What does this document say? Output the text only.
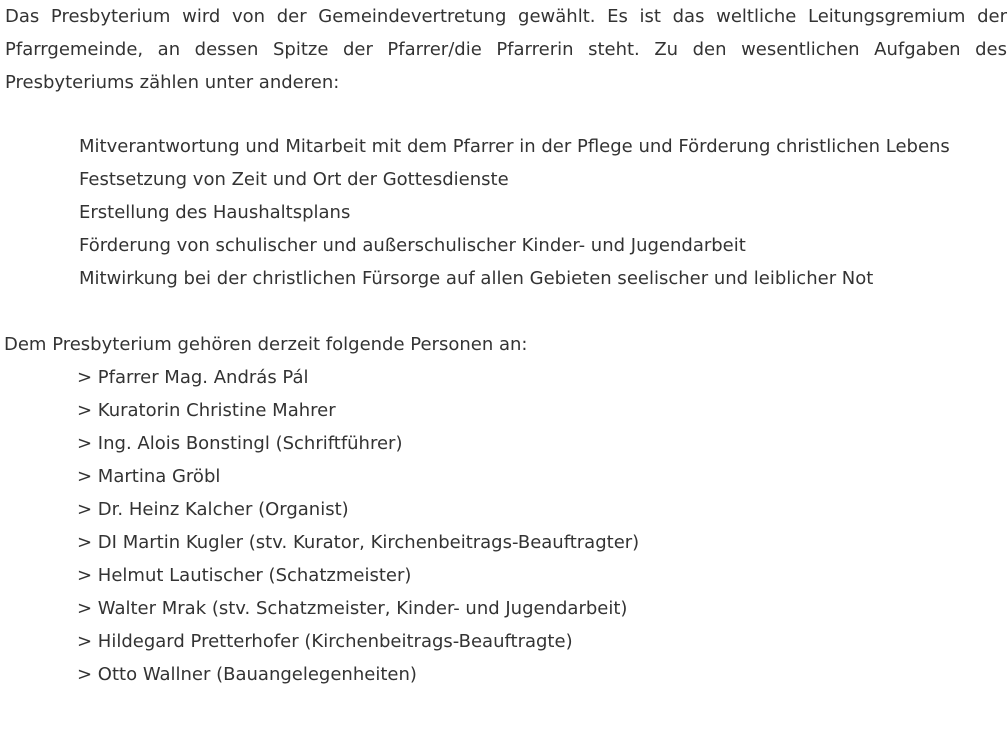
Das Presbyterium wird von der Gemeindevertretung gewählt. Es ist das weltliche Leitungsgremium der Pfarrgemeinde, an dessen Spitze der Pfarrer/die Pfarrerin steht. Zu den wesentlichen Aufgaben des Presbyteriums zählen unter anderen:

Mitverantwortung und Mitarbeit mit dem Pfarrer in der Pflege und Förderung christlichen Lebens
Festsetzung von Zeit und Ort der Gottesdienste
Erstellung des Haushaltsplans
Förderung von schulischer und außerschulischer Kinder- und Jugendarbeit
Mitwirkung bei der christlichen Fürsorge auf allen Gebieten seelischer und leiblicher Not
Dem Presbyterium gehören derzeit folgende Personen an:
> Pfarrer Mag. András Pál
> Kuratorin Christine Mahrer
> Ing. Alois Bonstingl (Schriftführer)
> Martina Gröbl
> Dr. Heinz Kalcher (Organist)
> DI Martin Kugler (stv. Kurator, Kirchenbeitrags-Beauftragter)
> Helmut Lautischer (Schatzmeister)
> Walter Mrak (stv. Schatzmeister, Kinder- und Jugendarbeit)
> Hildegard Pretterhofer (Kirchenbeitrags-Beauftragte)
> Otto Wallner (Bauangelegenheiten)
